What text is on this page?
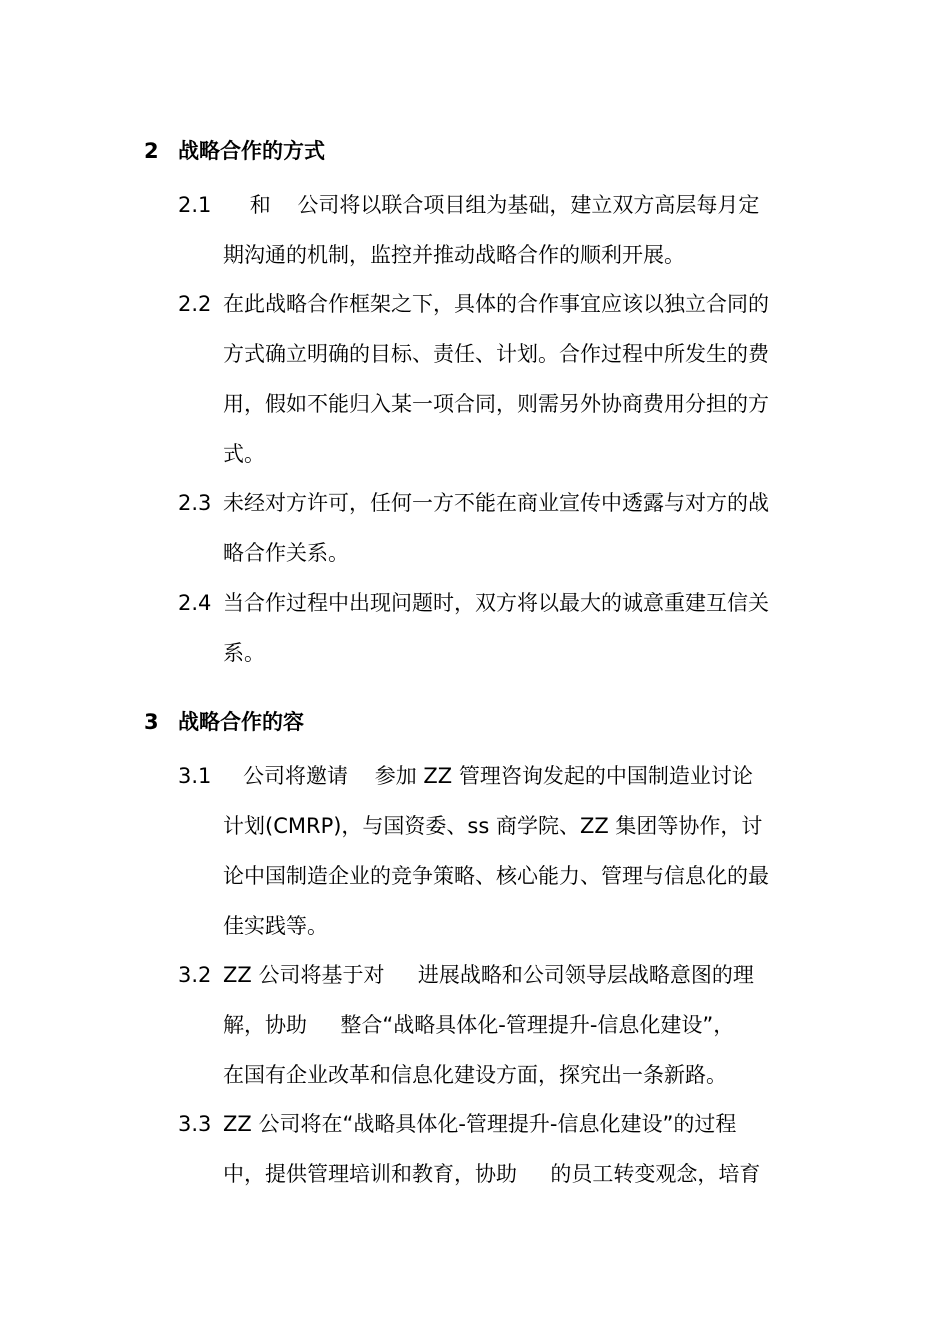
2 战略合作的方式
2.1 和    公司将以联合项目组为基础，建立双方高层每月定
期沟通的机制，监控并推动战略合作的顺利开展。
2.2 在此战略合作框架之下，具体的合作事宜应该以独立合同的
方式确立明确的目标、责任、计划。合作过程中所发生的费
用，假如不能归入某一项合同，则需另外协商费用分担的方
式。
2.3 未经对方许可，任何一方不能在商业宣传中透露与对方的战
略合作关系。
2.4 当合作过程中出现问题时，双方将以最大的诚意重建互信关
系。
3 战略合作的容
3.1 公司将邀请    参加 ZZ 管理咨询发起的中国制造业讨论
计划(CMRP)，与国资委、ss 商学院、ZZ 集团等协作，讨
论中国制造企业的竞争策略、核心能力、管理与信息化的最
佳实践等。
3.2 ZZ 公司将基于对     进展战略和公司领导层战略意图的理
解，协助     整合“战略具体化-管理提升-信息化建设”，
在国有企业改革和信息化建设方面，探究出一条新路。
3.3 ZZ 公司将在“战略具体化-管理提升-信息化建设”的过程
中，提供管理培训和教育，协助     的员工转变观念，培育
